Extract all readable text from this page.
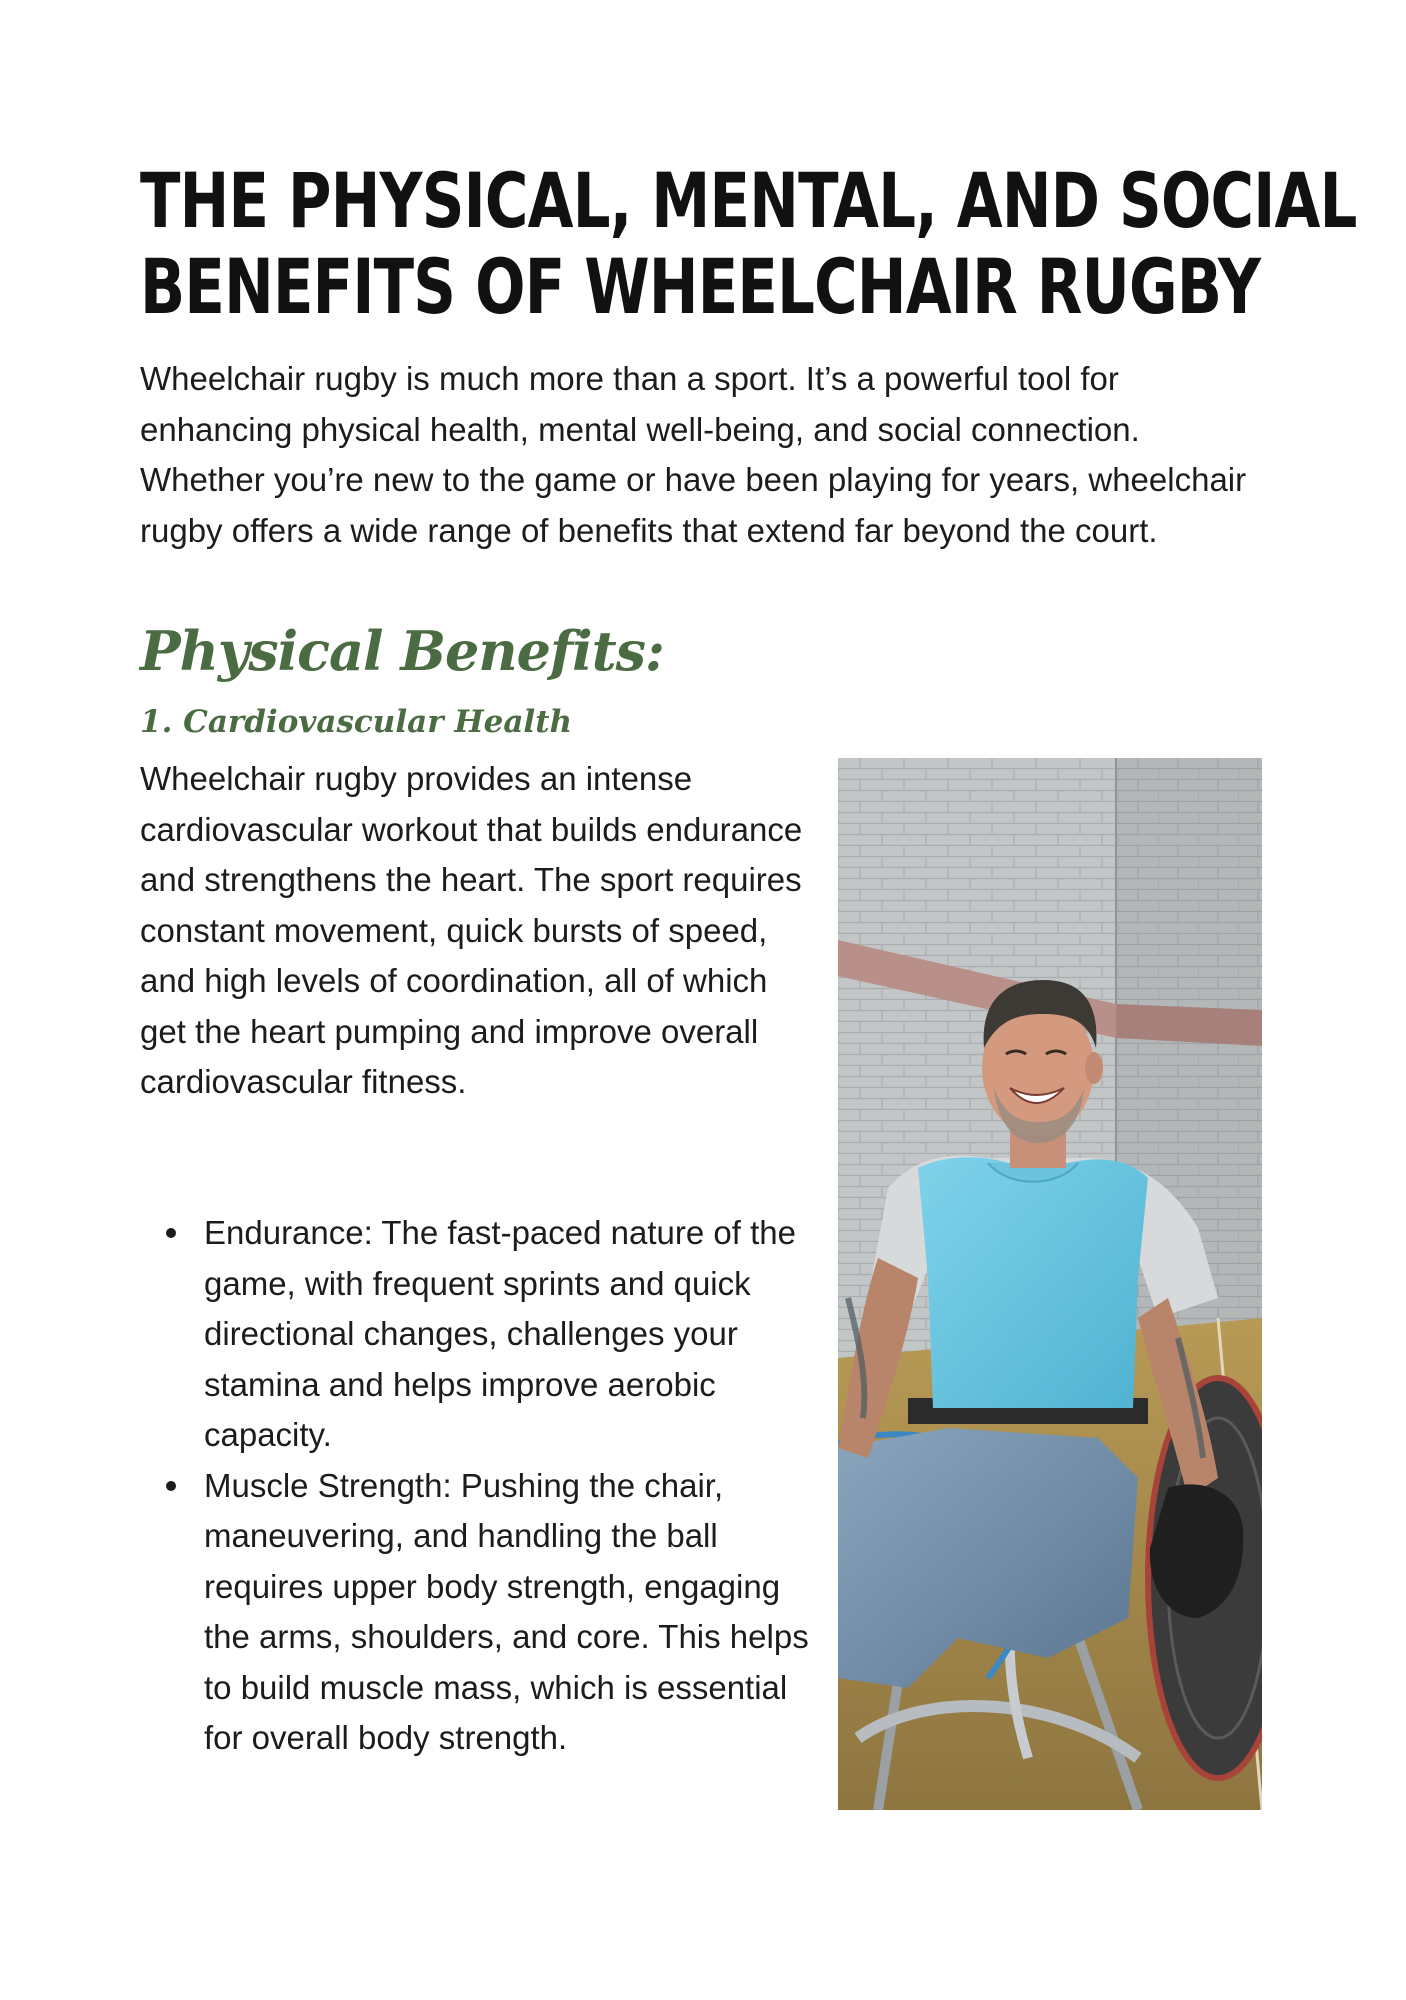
THE PHYSICAL, MENTAL, AND SOCIAL
BENEFITS OF WHEELCHAIR RUGBY

Wheelchair rugby is much more than a sport. It’s a powerful tool for enhancing physical health, mental well-being, and social connection. Whether you’re new to the game or have been playing for years, wheelchair rugby offers a wide range of benefits that extend far beyond the court.

Physical Benefits:
1. Cardiovascular Health

Wheelchair rugby provides an intense cardiovascular workout that builds endurance and strengthens the heart. The sport requires constant movement, quick bursts of speed, and high levels of coordination, all of which get the heart pumping and improve overall cardiovascular fitness.

Endurance: The fast-paced nature of the game, with frequent sprints and quick directional changes, challenges your stamina and helps improve aerobic capacity.
Muscle Strength: Pushing the chair, maneuvering, and handling the ball requires upper body strength, engaging the arms, shoulders, and core. This helps to build muscle mass, which is essential for overall body strength.
